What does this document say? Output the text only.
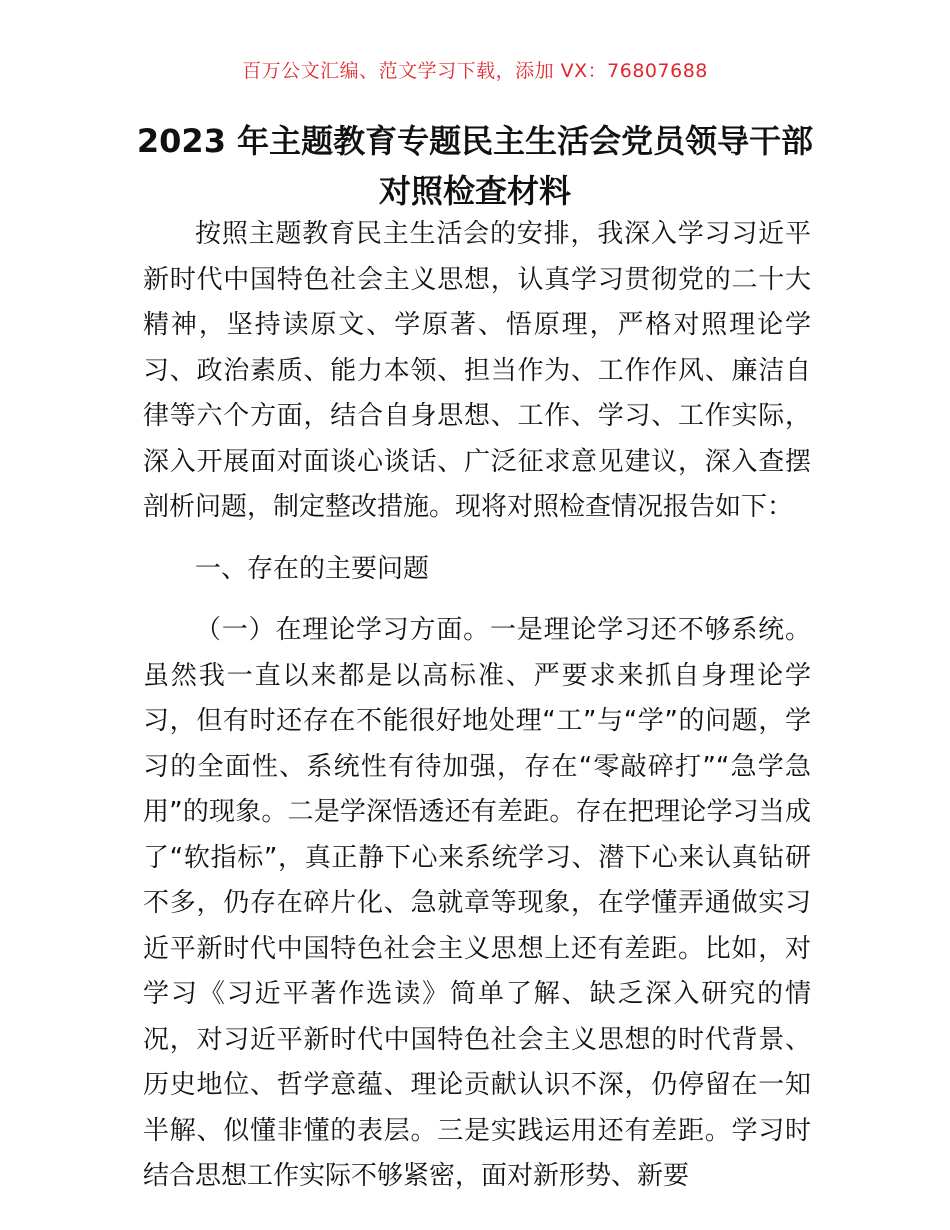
百万公文汇编、范文学习下载，添加 VX：76807688
2023 年主题教育专题民主生活会党员领导干部
对照检查材料

按照主题教育民主生活会的安排，我深入学习习近平新时代中国特色社会主义思想，认真学习贯彻党的二十大精神，坚持读原文、学原著、悟原理，严格对照理论学习、政治素质、能力本领、担当作为、工作作风、廉洁自律等六个方面，结合自身思想、工作、学习、工作实际，深入开展面对面谈心谈话、广泛征求意见建议，深入查摆剖析问题，制定整改措施。现将对照检查情况报告如下：

一、存在的主要问题

（一）在理论学习方面。一是理论学习还不够系统。虽然我一直以来都是以高标准、严要求来抓自身理论学习，但有时还存在不能很好地处理“工”与“学”的问题，学习的全面性、系统性有待加强，存在“零敲碎打”“急学急用”的现象。二是学深悟透还有差距。存在把理论学习当成了“软指标”，真正静下心来系统学习、潜下心来认真钻研不多，仍存在碎片化、急就章等现象，在学懂弄通做实习近平新时代中国特色社会主义思想上还有差距。比如，对学习《习近平著作选读》简单了解、缺乏深入研究的情况，对习近平新时代中国特色社会主义思想的时代背景、历史地位、哲学意蕴、理论贡献认识不深，仍停留在一知半解、似懂非懂的表层。三是实践运用还有差距。学习时结合思想工作实际不够紧密，面对新形势、新要
